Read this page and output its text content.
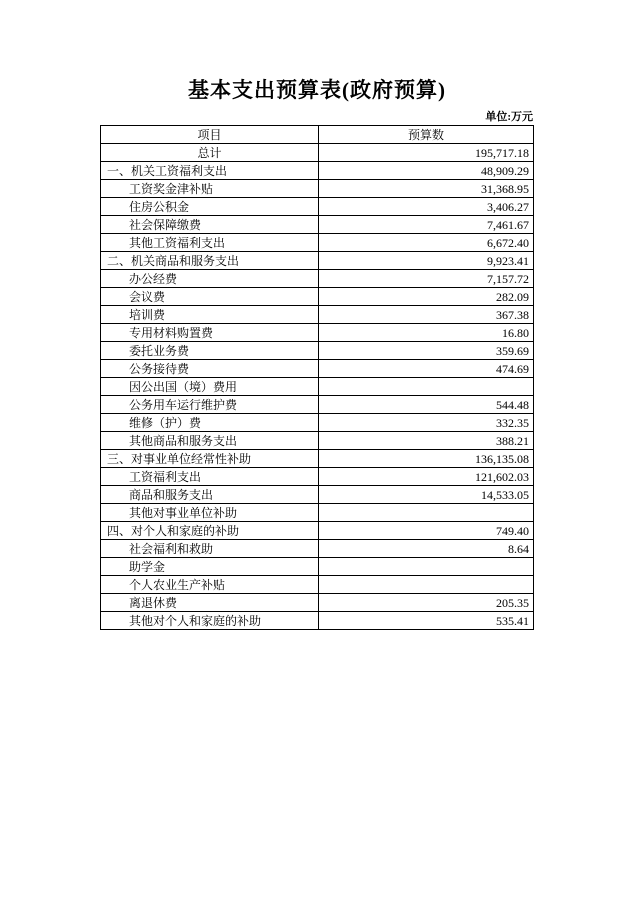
基本支出预算表(政府预算)
单位:万元
项目	预算数
总计	195,717.18
一、机关工资福利支出	48,909.29
工资奖金津补贴	31,368.95
住房公积金	3,406.27
社会保障缴费	7,461.67
其他工资福利支出	6,672.40
二、机关商品和服务支出	9,923.41
办公经费	7,157.72
会议费	282.09
培训费	367.38
专用材料购置费	16.80
委托业务费	359.69
公务接待费	474.69
因公出国（境）费用	
公务用车运行维护费	544.48
维修（护）费	332.35
其他商品和服务支出	388.21
三、对事业单位经常性补助	136,135.08
工资福利支出	121,602.03
商品和服务支出	14,533.05
其他对事业单位补助	
四、对个人和家庭的补助	749.40
社会福利和救助	8.64
助学金	
个人农业生产补贴	
离退休费	205.35
其他对个人和家庭的补助	535.41
